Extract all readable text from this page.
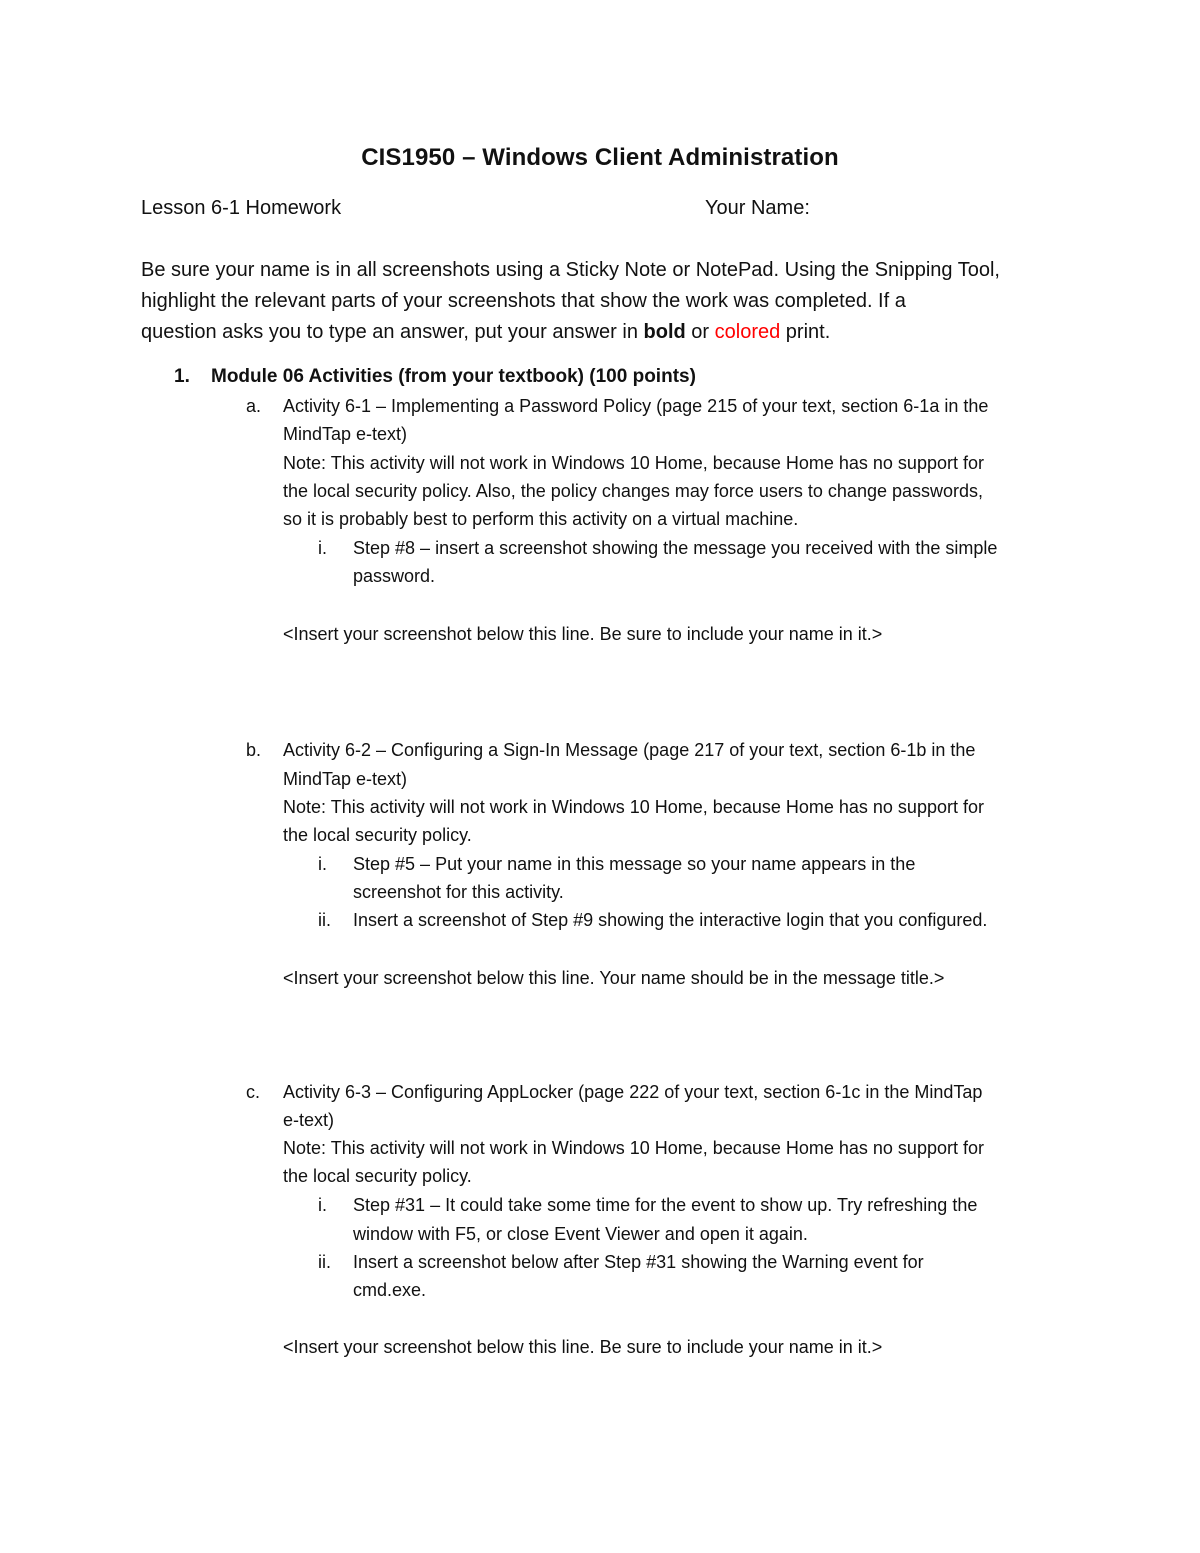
CIS1950 – Windows Client Administration
Lesson 6-1 Homework	Your Name:
Be sure your name is in all screenshots using a Sticky Note or NotePad. Using the Snipping Tool,
highlight the relevant parts of your screenshots that show the work was completed. If a
question asks you to type an answer, put your answer in bold or colored print.
1. Module 06 Activities (from your textbook) (100 points)
a. Activity 6-1 – Implementing a Password Policy (page 215 of your text, section 6-1a in the
MindTap e-text)
Note: This activity will not work in Windows 10 Home, because Home has no support for
the local security policy. Also, the policy changes may force users to change passwords,
so it is probably best to perform this activity on a virtual machine.
i. Step #8 – insert a screenshot showing the message you received with the simple
password.
<Insert your screenshot below this line. Be sure to include your name in it.>
b. Activity 6-2 – Configuring a Sign-In Message (page 217 of your text, section 6-1b in the
MindTap e-text)
Note: This activity will not work in Windows 10 Home, because Home has no support for
the local security policy.
i. Step #5 – Put your name in this message so your name appears in the
screenshot for this activity.
ii. Insert a screenshot of Step #9 showing the interactive login that you configured.
<Insert your screenshot below this line. Your name should be in the message title.>
c. Activity 6-3 – Configuring AppLocker (page 222 of your text, section 6-1c in the MindTap
e-text)
Note: This activity will not work in Windows 10 Home, because Home has no support for
the local security policy.
i. Step #31 – It could take some time for the event to show up. Try refreshing the
window with F5, or close Event Viewer and open it again.
ii. Insert a screenshot below after Step #31 showing the Warning event for
cmd.exe.
<Insert your screenshot below this line. Be sure to include your name in it.>
